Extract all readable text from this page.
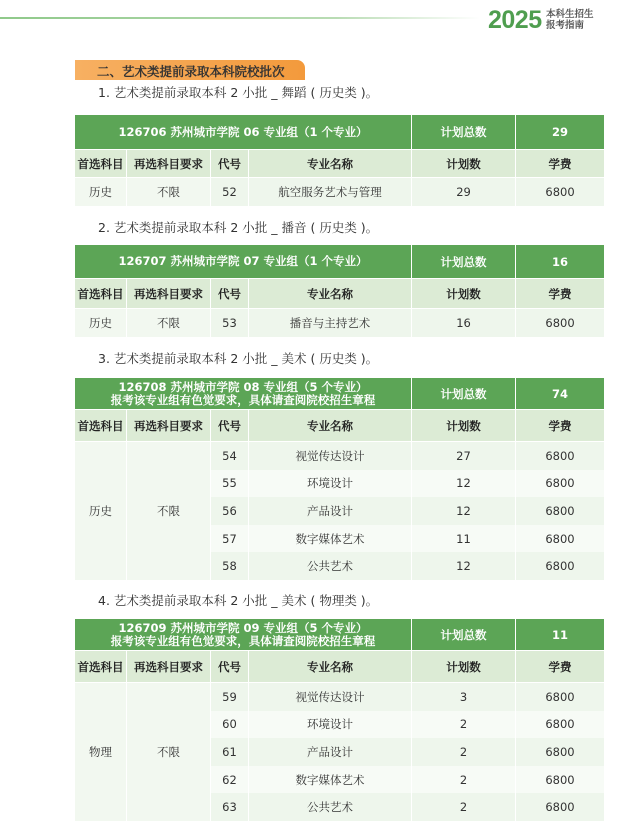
2025 本科生招生
报考指南
二、艺术类提前录取本科院校批次
1. 艺术类提前录取本科 2 小批 _ 舞蹈 ( 历史类 )。
126706 苏州城市学院 06 专业组（1 个专业）				计划总数	29
首选科目	再选科目要求	代号	专业名称	计划数	学费
历史	不限	52	航空服务艺术与管理	29	6800
2. 艺术类提前录取本科 2 小批 _ 播音 ( 历史类 )。
126707 苏州城市学院 07 专业组（1 个专业）				计划总数	16
首选科目	再选科目要求	代号	专业名称	计划数	学费
历史	不限	53	播音与主持艺术	16	6800
3. 艺术类提前录取本科 2 小批 _ 美术 ( 历史类 )。
126708 苏州城市学院 08 专业组（5 个专业）
报考该专业组有色觉要求，具体请查阅院校招生章程				计划总数	74
首选科目	再选科目要求	代号	专业名称	计划数	学费
历史	不限	54	视觉传达设计	27	6800
		55	环境设计	12	6800
		56	产品设计	12	6800
		57	数字媒体艺术	11	6800
		58	公共艺术	12	6800
4. 艺术类提前录取本科 2 小批 _ 美术 ( 物理类 )。
126709 苏州城市学院 09 专业组（5 个专业）
报考该专业组有色觉要求，具体请查阅院校招生章程				计划总数	11
首选科目	再选科目要求	代号	专业名称	计划数	学费
物理	不限	59	视觉传达设计	3	6800
		60	环境设计	2	6800
		61	产品设计	2	6800
		62	数字媒体艺术	2	6800
		63	公共艺术	2	6800
